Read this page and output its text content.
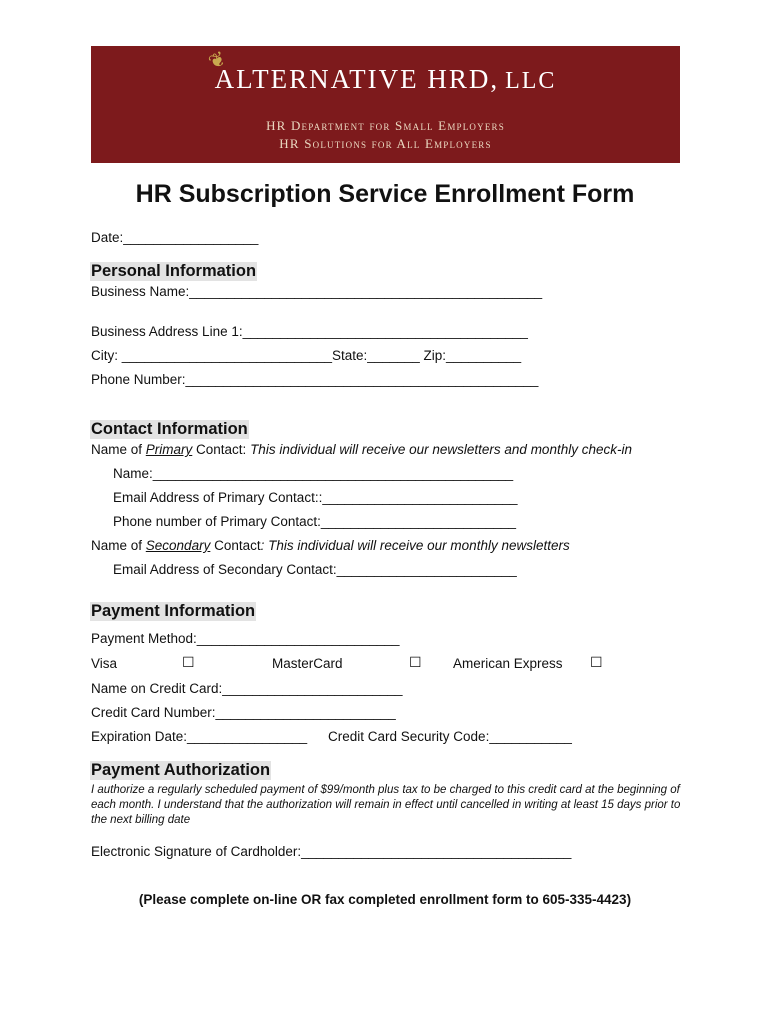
ALTERNATIVE HRD, LLC
❦
HR Department for Small Employers
HR Solutions for All Employers
HR Subscription Service Enrollment Form
Date:__________________
Personal Information
Business Name:_______________________________________________
Business Address Line 1:______________________________________
City: ____________________________State:_______ Zip:__________
Phone Number:_______________________________________________
Contact Information
Name of Primary Contact: This individual will receive our newsletters and monthly check-in
Name:________________________________________________
Email Address of Primary Contact::__________________________
Phone number of Primary Contact:__________________________
Name of Secondary Contact: This individual will receive our monthly newsletters
Email Address of Secondary Contact:________________________
Payment Information
Payment Method:___________________________
Visa	☐	MasterCard	☐ American Express ☐
Name on Credit Card:________________________
Credit Card Number:________________________
Expiration Date:________________ Credit Card Security Code:___________
Payment Authorization
I authorize a regularly scheduled payment of $99/month plus tax to be charged to this credit card at the beginning of each month. I understand that the authorization will remain in effect until cancelled in writing at least 15 days prior to the next billing date
Electronic Signature of Cardholder:____________________________________
(Please complete on-line OR fax completed enrollment form to 605-335-4423)
